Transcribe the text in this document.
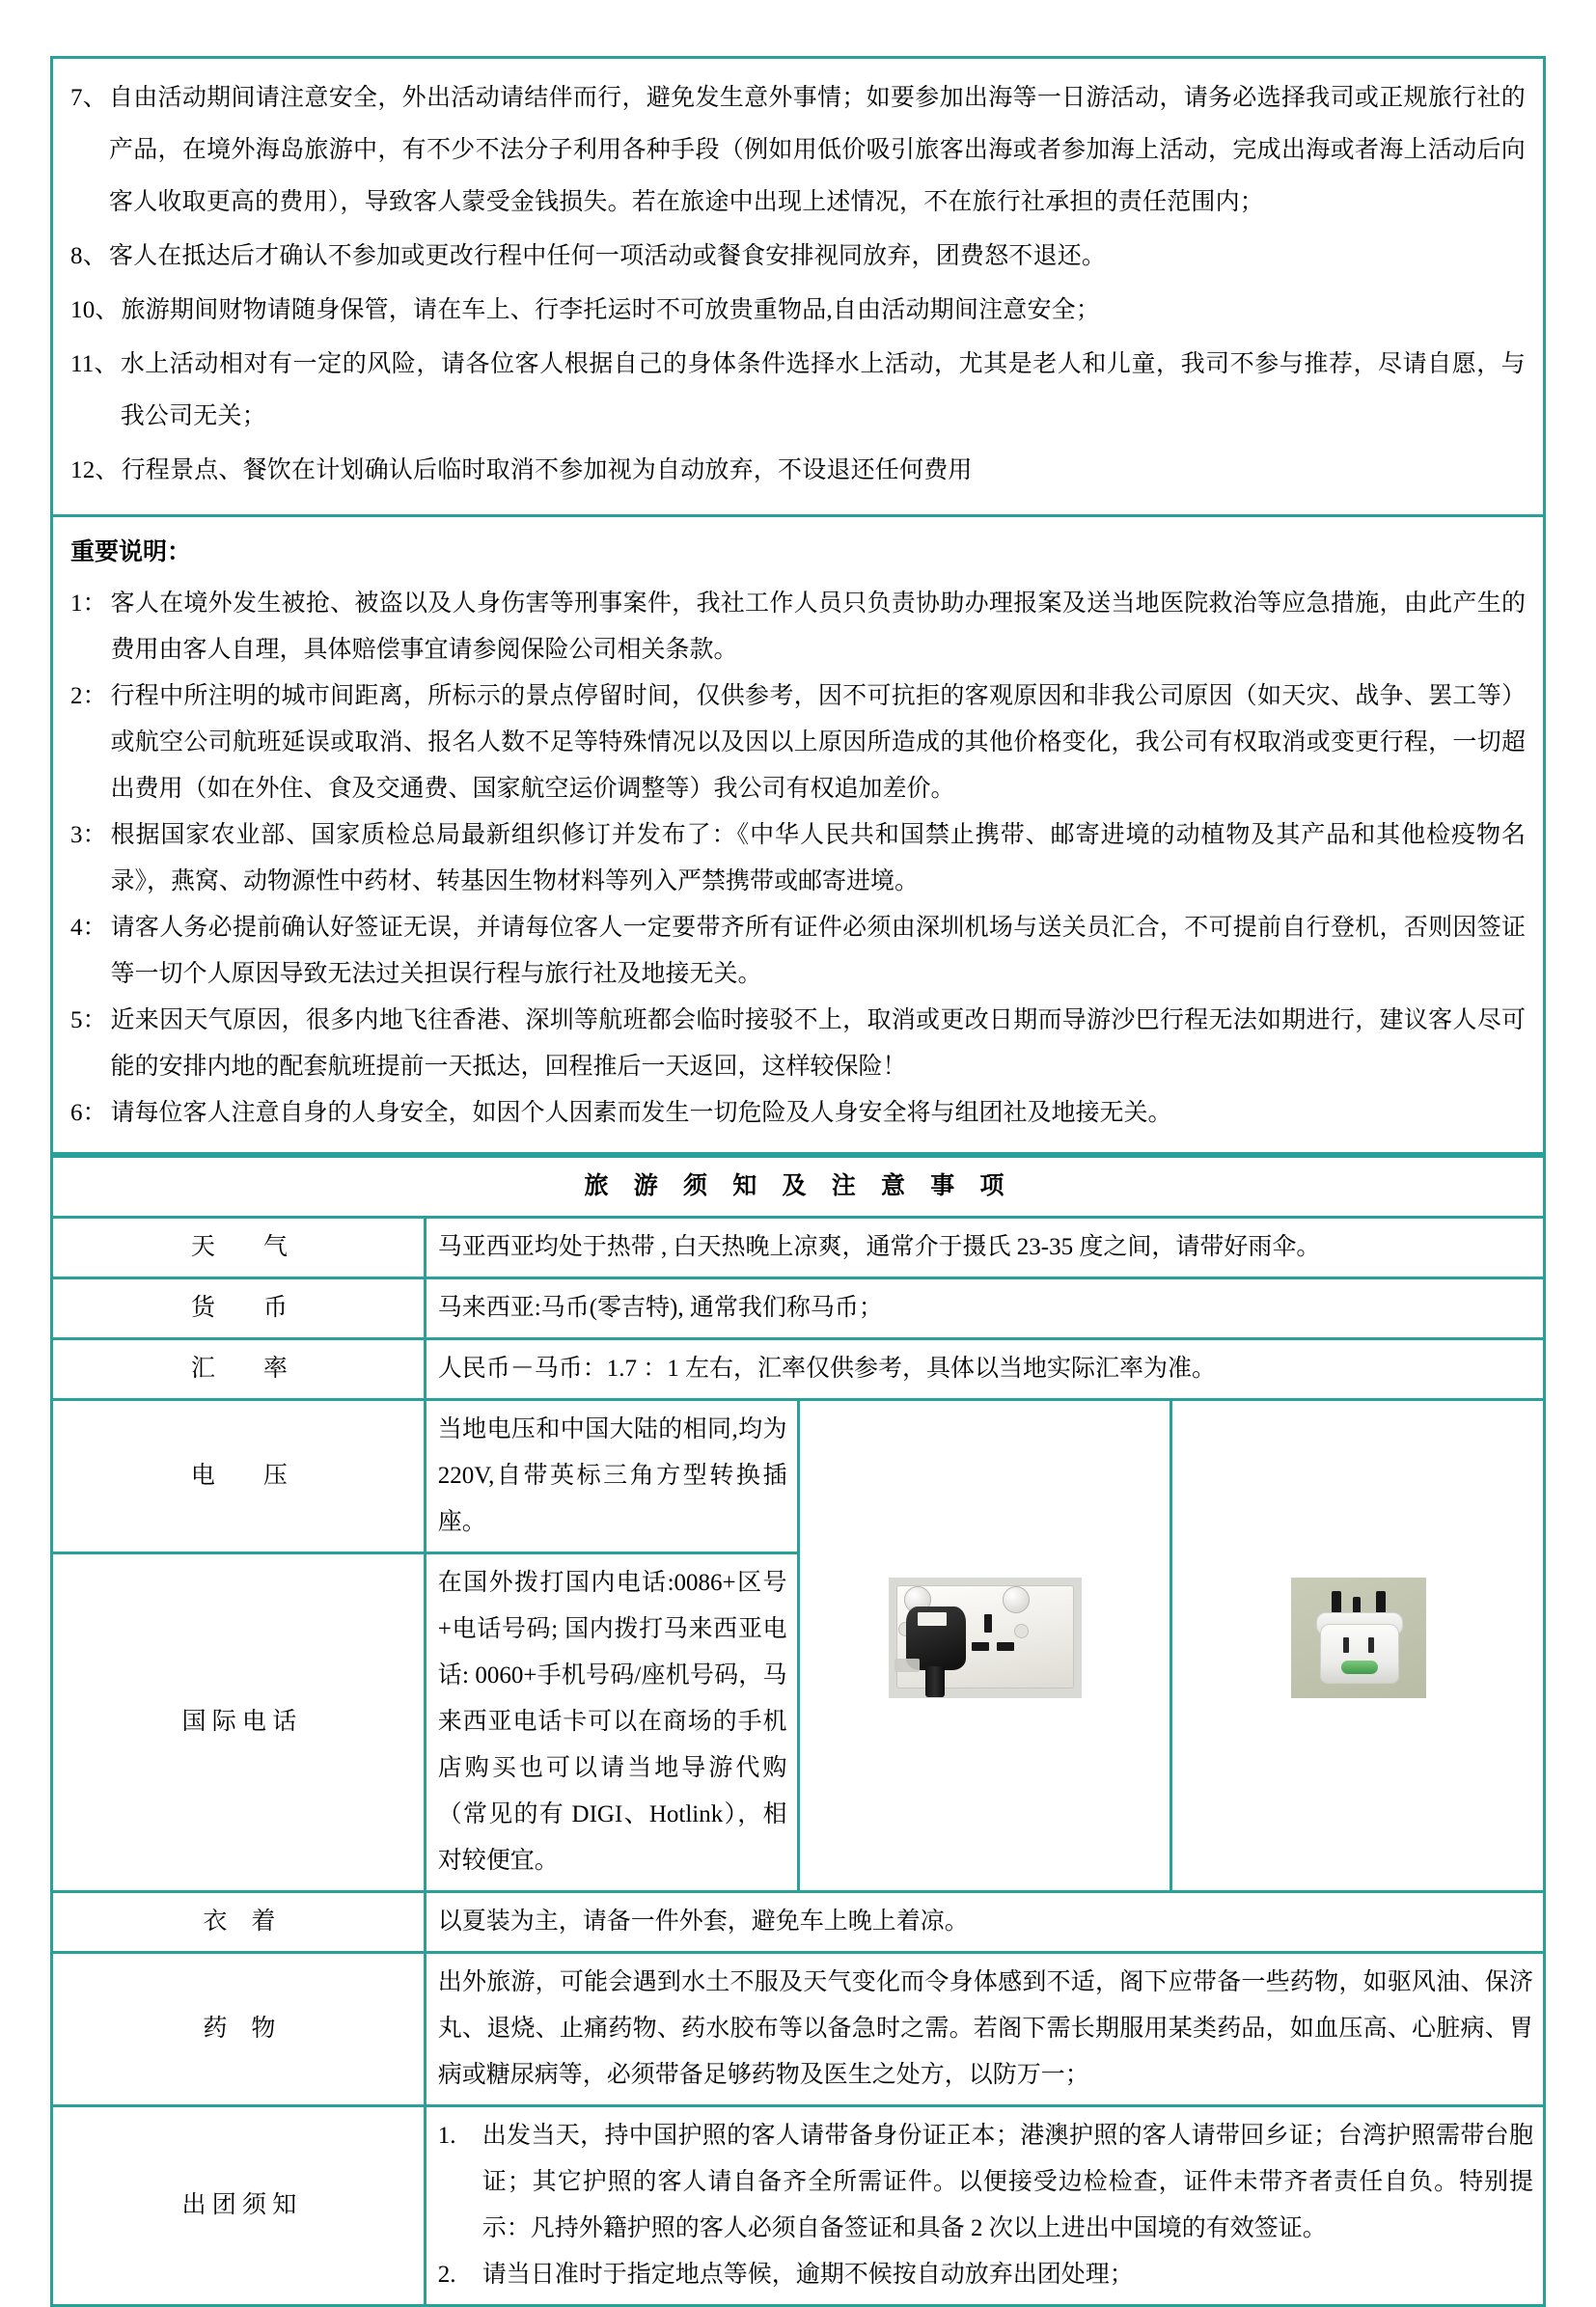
7、 自由活动期间请注意安全，外出活动请结伴而行，避免发生意外事情；如要参加出海等一日游活动，请务必选择我司或正规旅行社的产品，在境外海岛旅游中，有不少不法分子利用各种手段（例如用低价吸引旅客出海或者参加海上活动，完成出海或者海上活动后向客人收取更高的费用），导致客人蒙受金钱损失。若在旅途中出现上述情况，不在旅行社承担的责任范围内；
8、 客人在抵达后才确认不参加或更改行程中任何一项活动或餐食安排视同放弃，团费怒不退还。
10、 旅游期间财物请随身保管，请在车上、行李托运时不可放贵重物品,自由活动期间注意安全；
11、 水上活动相对有一定的风险，请各位客人根据自己的身体条件选择水上活动，尤其是老人和儿童，我司不参与推荐，尽请自愿，与我公司无关；
12、 行程景点、餐饮在计划确认后临时取消不参加视为自动放弃，不设退还任何费用
重要说明：
1： 客人在境外发生被抢、被盗以及人身伤害等刑事案件，我社工作人员只负责协助办理报案及送当地医院救治等应急措施，由此产生的费用由客人自理，具体赔偿事宜请参阅保险公司相关条款。
2： 行程中所注明的城市间距离，所标示的景点停留时间，仅供参考，因不可抗拒的客观原因和非我公司原因（如天灾、战争、罢工等）或航空公司航班延误或取消、报名人数不足等特殊情况以及因以上原因所造成的其他价格变化，我公司有权取消或变更行程，一切超出费用（如在外住、食及交通费、国家航空运价调整等）我公司有权追加差价。
3： 根据国家农业部、国家质检总局最新组织修订并发布了：《中华人民共和国禁止携带、邮寄进境的动植物及其产品和其他检疫物名录》，燕窝、动物源性中药材、转基因生物材料等列入严禁携带或邮寄进境。
4： 请客人务必提前确认好签证无误，并请每位客人一定要带齐所有证件必须由深圳机场与送关员汇合，不可提前自行登机，否则因签证等一切个人原因导致无法过关担误行程与旅行社及地接无关。
5： 近来因天气原因，很多内地飞往香港、深圳等航班都会临时接驳不上，取消或更改日期而导游沙巴行程无法如期进行，建议客人尽可能的安排内地的配套航班提前一天抵达，回程推后一天返回，这样较保险！
6： 请每位客人注意自身的人身安全，如因个人因素而发生一切危险及人身安全将与组团社及地接无关。
旅 游 须 知 及 注 意 事 项			
天　　气	马亚西亚均处于热带 , 白天热晚上凉爽，通常介于摄氏 23-35 度之间，请带好雨伞。		
货　　币	马来西亚:马币(零吉特), 通常我们称马币；		
汇　　率	人民币－马币：1.7 ：1 左右，汇率仅供参考，具体以当地实际汇率为准。		
电　　压	当地电压和中国大陆的相同,均为 220V,自带英标三角方型转换插座。	

国 际 电 话	在国外拨打国内电话:0086+区号+电话号码; 国内拨打马来西亚电话: 0060+手机号码/座机号码，马来西亚电话卡可以在商场的手机店购买也可以请当地导游代购（常见的有 DIGI、Hotlink），相对较便宜。		
衣　着	以夏装为主，请备一件外套，避免车上晚上着凉。		
药　物	出外旅游，可能会遇到水土不服及天气变化而令身体感到不适，阁下应带备一些药物，如驱风油、保济丸、退烧、止痛药物、药水胶布等以备急时之需。若阁下需长期服用某类药品，如血压高、心脏病、胃病或糖尿病等，必须带备足够药物及医生之处方，以防万一；		
出 团 须 知	
1.	出发当天，持中国护照的客人请带备身份证正本；港澳护照的客人请带回乡证；台湾护照需带台胞证；其它护照的客人请自备齐全所需证件。以便接受边检检查，证件未带齐者责任自负。特别提示：凡持外籍护照的客人必须自备签证和具备 2 次以上进出中国境的有效签证。
2.	请当日准时于指定地点等候，逾期不候按自动放弃出团处理；
